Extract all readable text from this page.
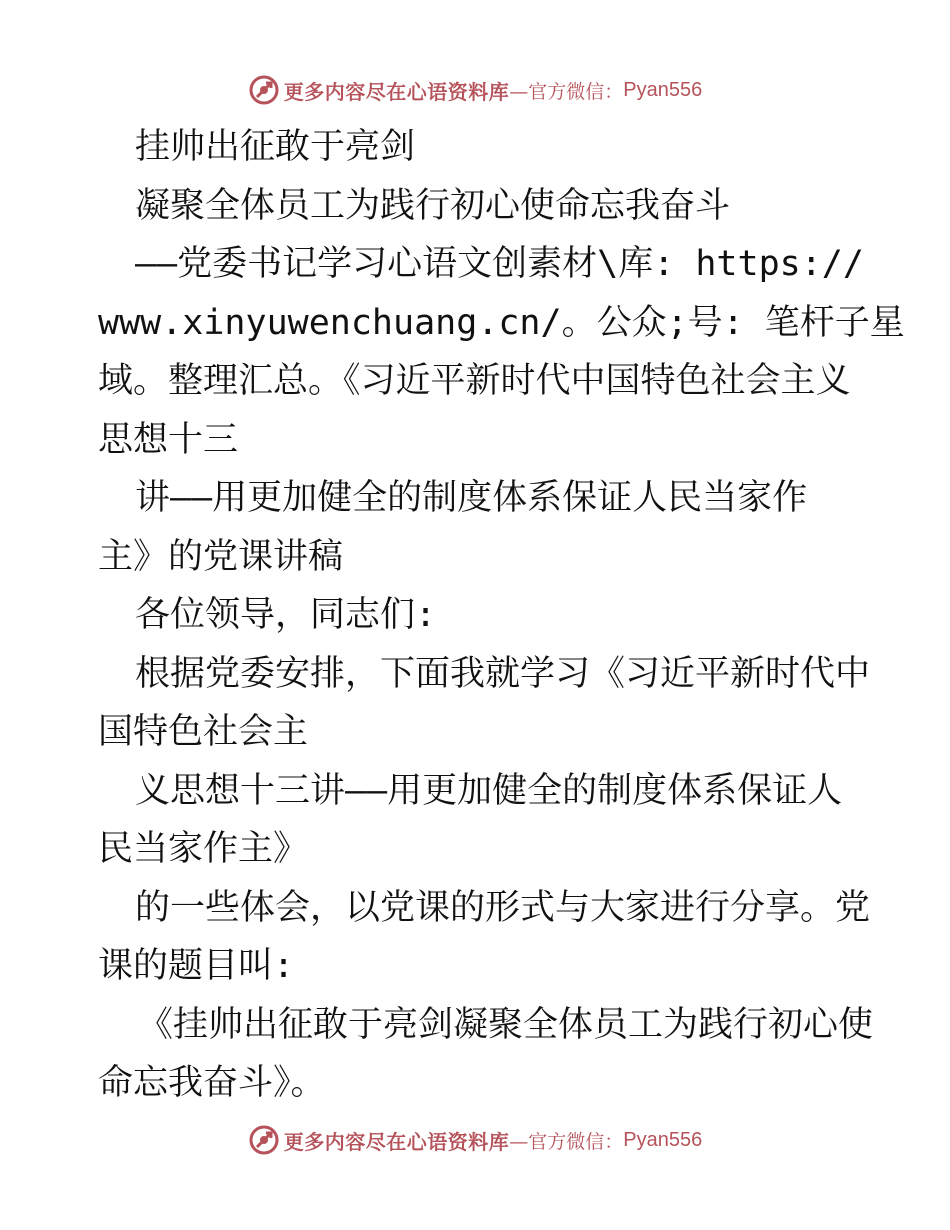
更多内容尽在心语资料库 —官方微信： Pyan556

挂帅出征敢于亮剑

凝聚全体员工为践行初心使命忘我奋斗

——党委书记学习心语文创素材\库: https://

www.xinyuwenchuang.cn/。公众;号: 笔杆子星

域。整理汇总。《习近平新时代中国特色社会主义

思想十三

讲——用更加健全的制度体系保证人民当家作

主》的党课讲稿

各位领导，同志们:

根据党委安排，下面我就学习《习近平新时代中

国特色社会主

义思想十三讲——用更加健全的制度体系保证人

民当家作主》

的一些体会，以党课的形式与大家进行分享。党

课的题目叫:

《挂帅出征敢于亮剑凝聚全体员工为践行初心使

命忘我奋斗》。

更多内容尽在心语资料库 —官方微信： Pyan556
